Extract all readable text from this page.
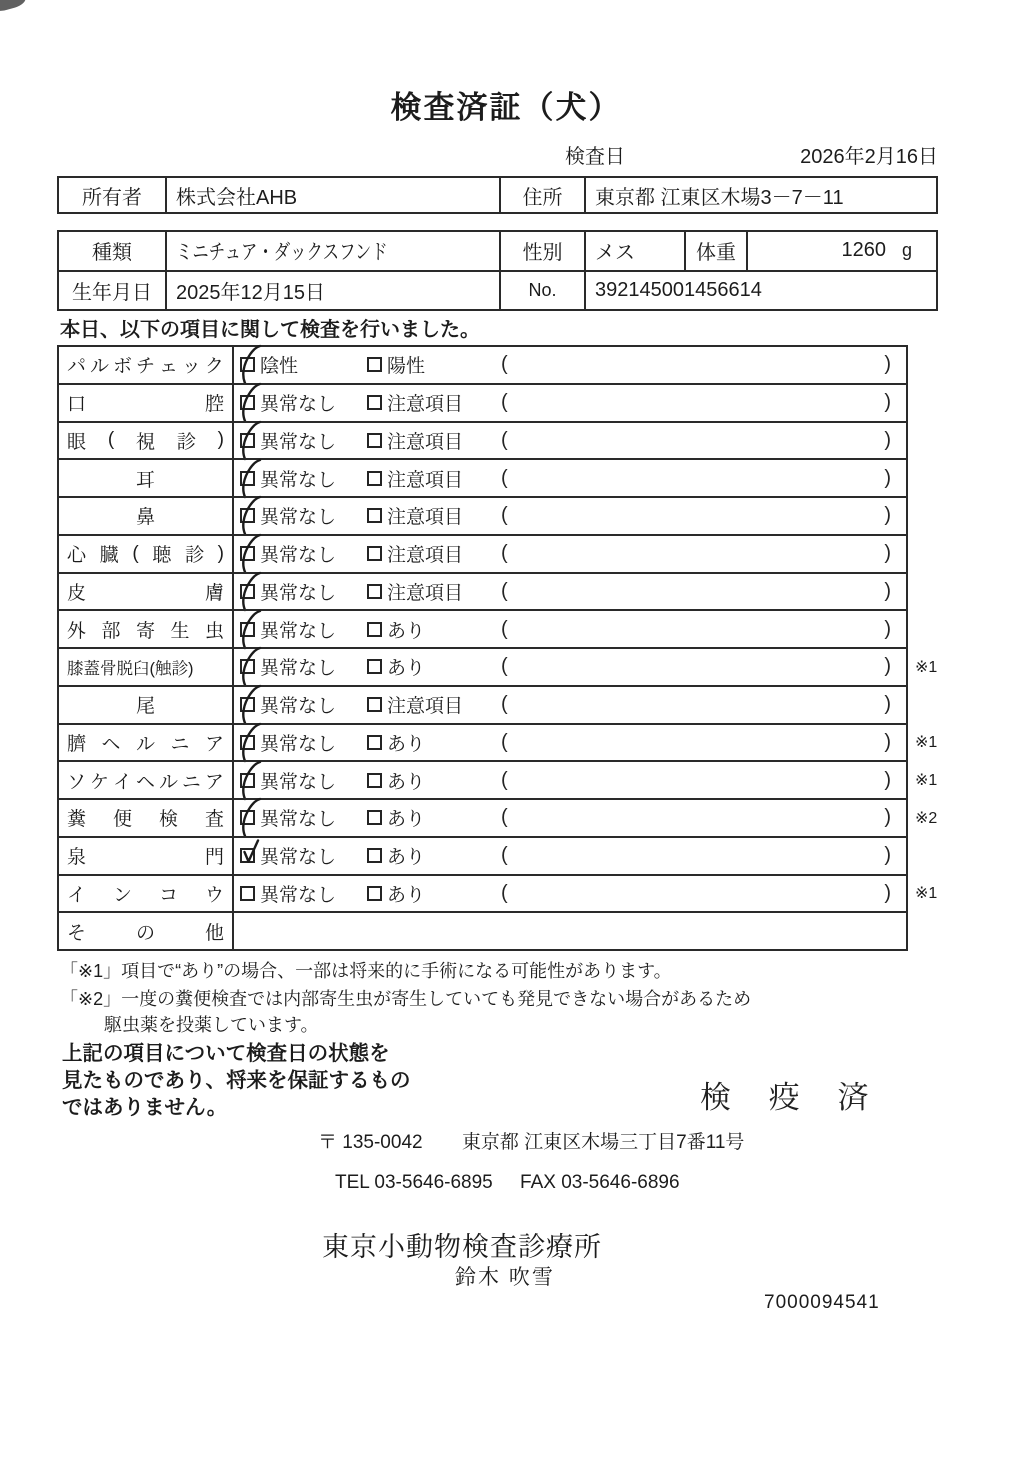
検査済証（犬）
検査日	2026年2月16日
所有者	株式会社AHB	住所	東京都 江東区木場3－7－11
種類	ミニチュア・ダックスフンド	性別	メス	体重	1260 g
生年月日	2025年12月15日	No.	392145001456614
本日、以下の項目に関して検査を行いました。
パ ル ボ チ ェ ッ ク 陰性	陽性	(	)
口	腔 異常なし	注意項目 (	)
眼 ( 視 診 ) 異常なし	注意項目 (	)
耳	異常なし	注意項目 (	)
鼻	異常なし	注意項目 (	)
心 臓 ( 聴 診 ) 異常なし	注意項目 (	)
皮	膚 異常なし	注意項目 (	)
外 部 寄 生 虫 異常なし	あり	(	)
膝蓋骨脱臼(触診)	異常なし	あり	(	)	※1
尾	異常なし	注意項目 (	)
臍 ヘ ル ニ ア 異常なし	あり	(	)	※1
ソ ケ イ ヘ ル ニ ア 異常なし	あり	(	)	※1
糞 便 検 査 異常なし	あり	(	)	※2
泉	門 異常なし	あり	(	)
イ ン コ ウ 異常なし	あり	(	)	※1
そ	の	他
「※1」項目で“あり”の場合、一部は将来的に手術になる可能性があります。
「※2」一度の糞便検査では内部寄生虫が寄生していても発見できない場合があるため
駆虫薬を投薬しています。
上記の項目について検査日の状態を
見たものであり、将来を保証するもの
ではありません。	検 疫 済
〒 135-0042 東京都 江東区木場三丁目7番11号
TEL 03-5646-6895 FAX 03-5646-6896
東京小動物検査診療所
鈴木 吹雪
7000094541
